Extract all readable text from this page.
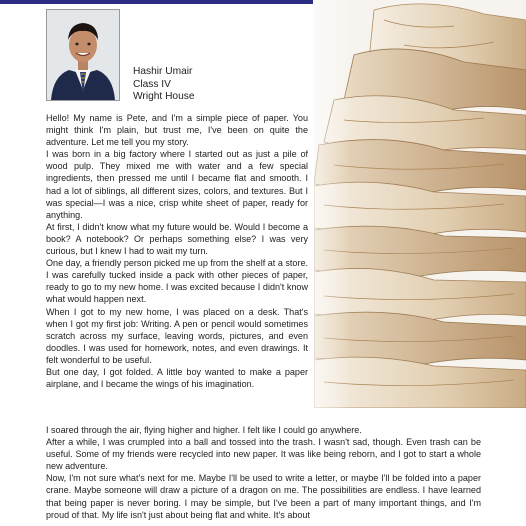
Hashir Umair
Class IV
Wright House

Hello! My name is Pete, and I'm a simple piece of paper. You might think I'm plain, but trust me, I've been on quite the adventure. Let me tell you my story.

I was born in a big factory where I started out as just a pile of wood pulp. They mixed me with water and a few special ingredients, then pressed me until I became flat and smooth. I had a lot of siblings, all different sizes, colors, and textures. But I was special—I was a nice, crisp white sheet of paper, ready for anything.

At first, I didn't know what my future would be. Would I become a book? A notebook? Or perhaps something else? I was very curious, but I knew I had to wait my turn.

One day, a friendly person picked me up from the shelf at a store. I was carefully tucked inside a pack with other pieces of paper, ready to go to my new home. I was excited because I didn't know what would happen next.

When I got to my new home, I was placed on a desk. That's when I got my first job: Writing. A pen or pencil would sometimes scratch across my surface, leaving words, pictures, and even doodles. I was used for homework, notes, and even drawings. It felt wonderful to be useful.

But one day, I got folded. A little boy wanted to make a paper airplane, and I became the wings of his imagination.

I soared through the air, flying higher and higher. I felt like I could go anywhere.

After a while, I was crumpled into a ball and tossed into the trash. I wasn't sad, though. Even trash can be useful. Some of my friends were recycled into new paper. It was like being reborn, and I got to start a whole new adventure.

Now, I'm not sure what's next for me. Maybe I'll be used to write a letter, or maybe I'll be folded into a paper crane. Maybe someone will draw a picture of a dragon on me. The possibilities are endless. I have learned that being paper is never boring. I may be simple, but I've been a part of many important things, and I'm proud of that. My life isn't just about being flat and white. It's about
